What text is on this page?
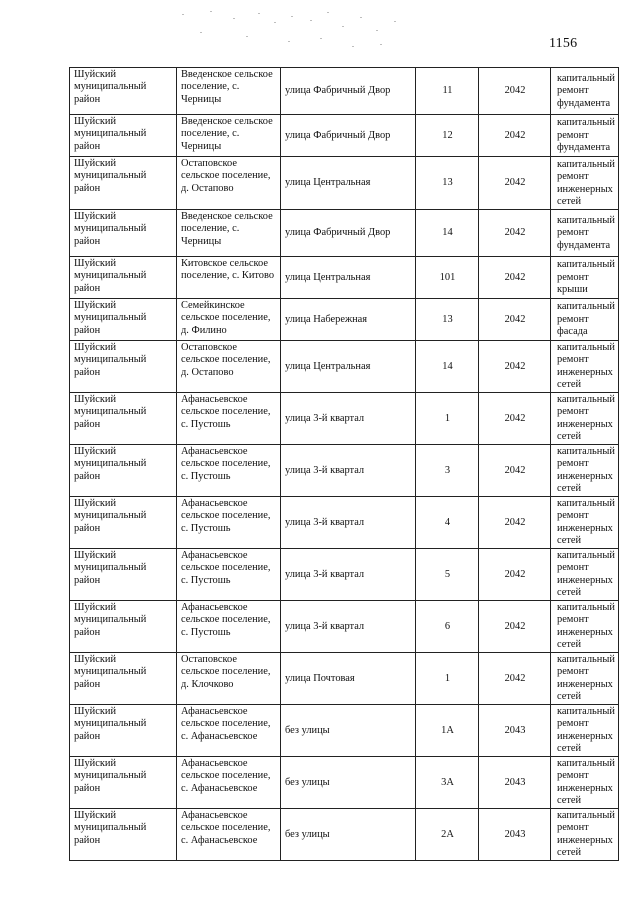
1156
Шуйский муниципальный район	Введенское сельское поселение, с. Черницы	улица Фабричный Двор	11	2042	капитальный ремонт фундамента
Шуйский муниципальный район	Введенское сельское поселение, с. Черницы	улица Фабричный Двор	12	2042	капитальный ремонт фундамента
Шуйский муниципальный район	Остаповское сельское поселение, д. Остапово	улица Центральная	13	2042	капитальный ремонт инженерных сетей
Шуйский муниципальный район	Введенское сельское поселение, с. Черницы	улица Фабричный Двор	14	2042	капитальный ремонт фундамента
Шуйский муниципальный район	Китовское сельское поселение, с. Китово	улица Центральная	101	2042	капитальный ремонт крыши
Шуйский муниципальный район	Семейкинское сельское поселение, д. Филино	улица Набережная	13	2042	капитальный ремонт фасада
Шуйский муниципальный район	Остаповское сельское поселение, д. Остапово	улица Центральная	14	2042	капитальный ремонт инженерных сетей
Шуйский муниципальный район	Афанасьевское сельское поселение, с. Пустошь	улица 3-й квартал	1	2042	капитальный ремонт инженерных сетей
Шуйский муниципальный район	Афанасьевское сельское поселение, с. Пустошь	улица 3-й квартал	3	2042	капитальный ремонт инженерных сетей
Шуйский муниципальный район	Афанасьевское сельское поселение, с. Пустошь	улица 3-й квартал	4	2042	капитальный ремонт инженерных сетей
Шуйский муниципальный район	Афанасьевское сельское поселение, с. Пустошь	улица 3-й квартал	5	2042	капитальный ремонт инженерных сетей
Шуйский муниципальный район	Афанасьевское сельское поселение, с. Пустошь	улица 3-й квартал	6	2042	капитальный ремонт инженерных сетей
Шуйский муниципальный район	Остаповское сельское поселение, д. Клочково	улица Почтовая	1	2042	капитальный ремонт инженерных сетей
Шуйский муниципальный район	Афанасьевское сельское поселение, с. Афанасьевское	без улицы	1А	2043	капитальный ремонт инженерных сетей
Шуйский муниципальный район	Афанасьевское сельское поселение, с. Афанасьевское	без улицы	3А	2043	капитальный ремонт инженерных сетей
Шуйский муниципальный район	Афанасьевское сельское поселение, с. Афанасьевское	без улицы	2А	2043	капитальный ремонт инженерных сетей
